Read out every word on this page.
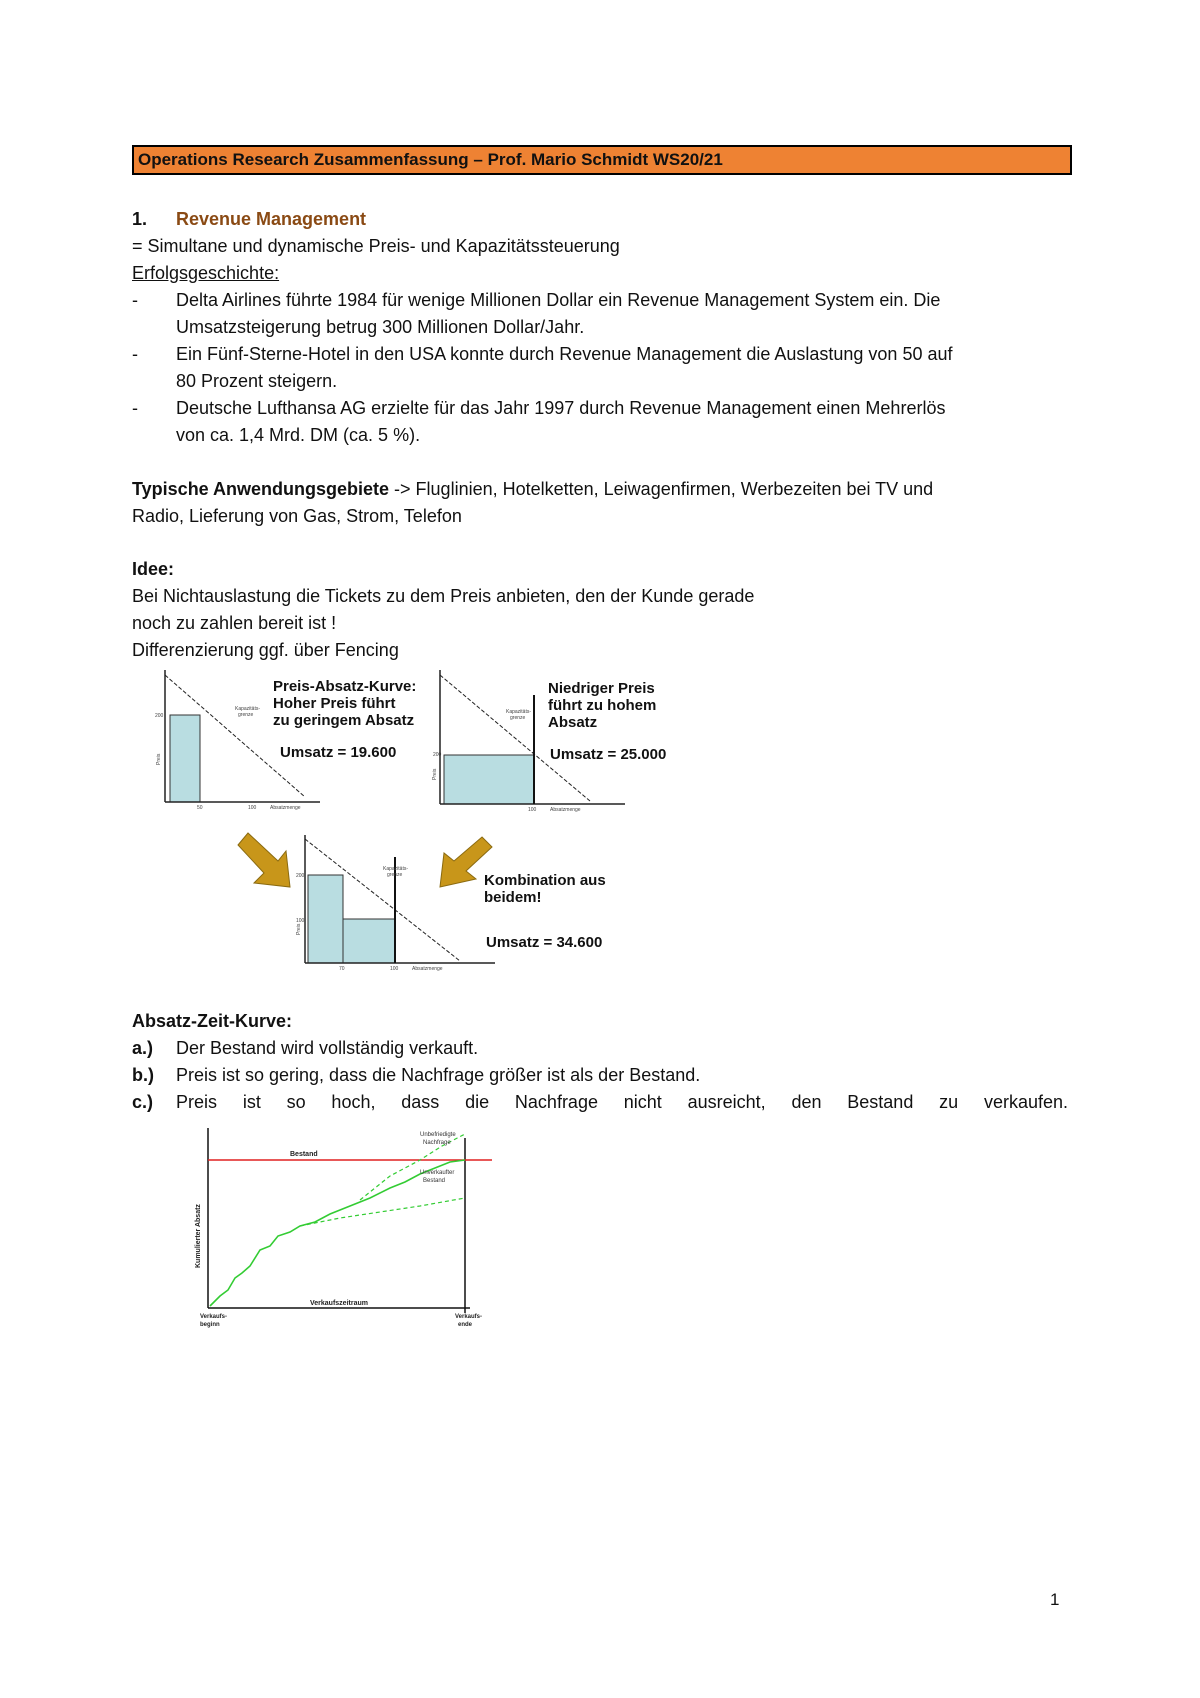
Operations Research Zusammenfassung – Prof. Mario Schmidt WS20/21
1. Revenue Management
= Simultane und dynamische Preis- und Kapazitätssteuerung
Erfolgsgeschichte:
- Delta Airlines führte 1984 für wenige Millionen Dollar ein Revenue Management System ein. Die
Umsatzsteigerung betrug 300 Millionen Dollar/Jahr.
- Ein Fünf-Sterne-Hotel in den USA konnte durch Revenue Management die Auslastung von 50 auf
80 Prozent steigern.
- Deutsche Lufthansa AG erzielte für das Jahr 1997 durch Revenue Management einen Mehrerlös
von ca. 1,4 Mrd. DM (ca. 5 %).
Typische Anwendungsgebiete -> Fluglinien, Hotelketten, Leiwagenfirmen, Werbezeiten bei TV und
Radio, Lieferung von Gas, Strom, Telefon
Idee:
Bei Nichtauslastung die Tickets zu dem Preis anbieten, den der Kunde gerade
noch zu zahlen bereit ist !
Differenzierung ggf. über Fencing
200
50	100	Absatzmenge
Preis
Kapazitäts-
grenze
Preis-Absatz-Kurve:
Hoher Preis führt
zu geringem Absatz
Umsatz = 19.600	200
100	Absatzmenge
Preis
Kapazitäts-
grenze
Niedriger Preis
führt zu hohem
Absatz
Umsatz = 25.000
200
100
70	100	Absatzmenge
Preis
Kapazitäts-
grenze	Kombination aus
beidem!
Umsatz = 34.600
Absatz-Zeit-Kurve:
a.) Der Bestand wird vollständig verkauft.
b.) Preis ist so gering, dass die Nachfrage größer ist als der Bestand.
c.) Preis ist so hoch, dass die Nachfrage nicht ausreicht, den Bestand zu verkaufen.
Bestand
Unbefriedigte
Nachfrage
Unverkaufter
Bestand
Kumulierter Absatz
Verkaufszeitraum
Verkaufs-
beginn
Verkaufs-
ende
1
